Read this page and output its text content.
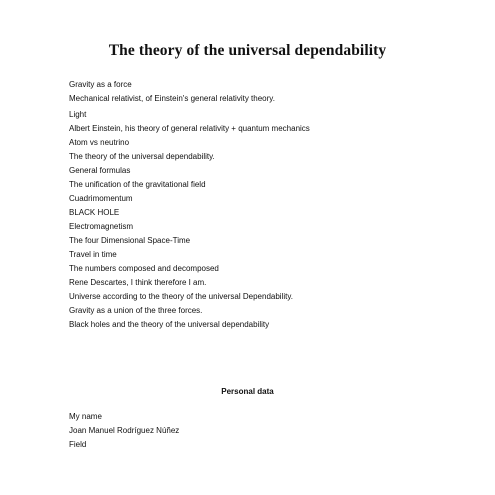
The theory of the universal dependability
Gravity as a force
Mechanical relativist, of Einstein's general relativity theory.
Light
Albert Einstein, his theory of general relativity + quantum mechanics
Atom vs neutrino
The theory of the universal dependability.
General formulas
The unification of the gravitational field
Cuadrimomentum
BLACK HOLE
Electromagnetism
The four Dimensional Space-Time
Travel in time
The numbers composed and decomposed
Rene Descartes, I think therefore I am.
Universe according to the theory of the universal Dependability.
Gravity as a union of the three forces.
Black holes and the theory of the universal dependability
Personal data
My name
Joan Manuel Rodríguez Núñez
Field
